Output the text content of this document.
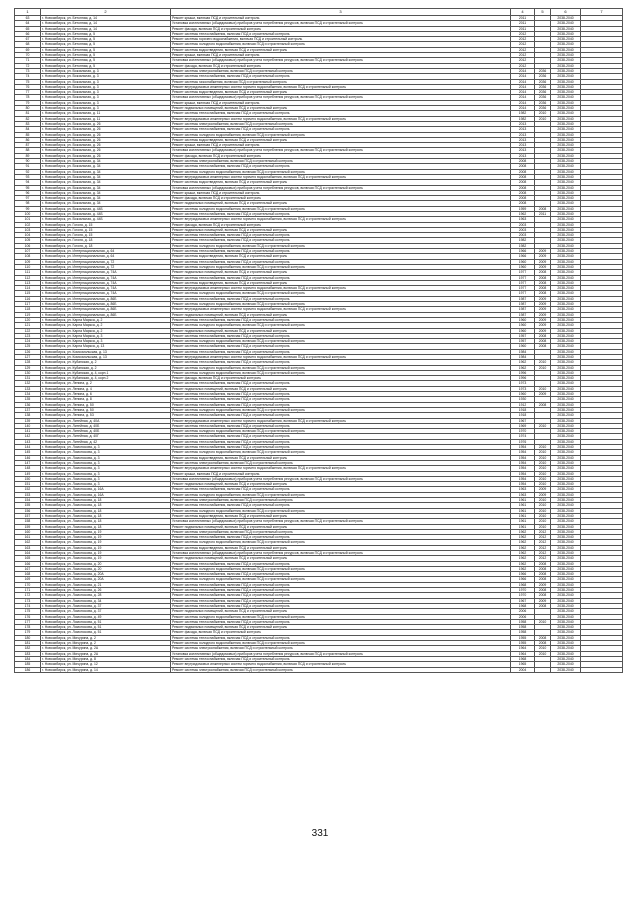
1	2	3	4	5	6	7
63	г. Новосибирск, ул. Бетонная, д. 14	Ремонт крыши, включая ПСД и строительный контроль	2011		2038-2040	
64	г. Новосибирск, ул. Бетонная, д. 14	Установка коллективных (общедомовых) приборов учета потребления ресурсов, включая ПСД и строительный контроль	2011		2038-2040	
65	г. Новосибирск, ул. Бетонная, д. 14	Ремонт фасада, включая ПСД и строительный контроль	2011		2038-2040	
66	г. Новосибирск, ул. Бетонная, д. 5	Ремонт системы теплоснабжения, включая ПСД и строительный контроль	2012		2038-2040	
67	г. Новосибирск, ул. Бетонная, д. 5	Ремонт системы горячего водоснабжения, включая ПСД и строительный контроль	2012		2038-2040	
68	г. Новосибирск, ул. Бетонная, д. 5	Ремонт системы холодного водоснабжения, включая ПСД и строительный контроль	2012		2038-2040	
69	г. Новосибирск, ул. Бетонная, д. 5	Ремонт системы водоотведения, включая ПСД и строительный контроль	2012		2038-2040	
70	г. Новосибирск, ул. Бетонная, д. 5	Ремонт крыши, включая ПСД и строительный контроль	2012		2038-2040	
71	г. Новосибирск, ул. Бетонная, д. 5	Установка коллективных (общедомовых) приборов учета потребления ресурсов, включая ПСД и строительный контроль	2012		2038-2040	
72	г. Новосибирск, ул. Бетонная, д. 5	Ремонт фасада, включая ПСД и строительный контроль	2012		2038-2040	
73	г. Новосибирск, ул. Вокзальная, д. 3	Ремонт системы электроснабжения, включая ПСД и строительный контроль	2014	2036	2038-2040	
74	г. Новосибирск, ул. Вокзальная, д. 3	Ремонт системы теплоснабжения, включая ПСД и строительный контроль	2014	2036	2038-2040	
75	г. Новосибирск, ул. Вокзальная, д. 3	Ремонт системы газоснабжения, включая ПСД и строительный контроль	2014	2036	2038-2040	
76	г. Новосибирск, ул. Вокзальная, д. 3	Ремонт внутридомовых инженерных систем горячего водоснабжения, включая ПСД и строительный контроль	2014	2036	2038-2040	
77	г. Новосибирск, ул. Вокзальная, д. 3	Ремонт системы водоотведения, включая ПСД и строительный контроль	2014	2036	2038-2040	
78	г. Новосибирск, ул. Вокзальная, д. 3	Установка коллективных (общедомовых) приборов учета потребления ресурсов, включая ПСД и строительный контроль	2014	2036	2038-2040	
79	г. Новосибирск, ул. Вокзальная, д. 3	Ремонт крыши, включая ПСД и строительный контроль	2014	2036	2038-2040	
80	г. Новосибирск, ул. Вокзальная, д. 3	Ремонт подвальных помещений, включая ПСД и строительный контроль	2014	2036	2038-2040	
81	г. Новосибирск, ул. Вокзальная, д. 11	Ремонт системы теплоснабжения, включая ПСД и строительный контроль	1982	2010	2038-2040	
82	г. Новосибирск, ул. Вокзальная, д. 11	Ремонт внутридомовых инженерных систем горячего водоснабжения, включая ПСД и строительный контроль	1982	2010	2038-2040	
83	г. Новосибирск, ул. Вокзальная, д. 26	Ремонт системы электроснабжения, включая ПСД и строительный контроль	2013		2038-2040	
84	г. Новосибирск, ул. Вокзальная, д. 26	Ремонт системы теплоснабжения, включая ПСД и строительный контроль	2013		2038-2040	
85	г. Новосибирск, ул. Вокзальная, д. 26	Ремонт системы холодного водоснабжения, включая ПСД и строительный контроль	2013		2038-2040	
86	г. Новосибирск, ул. Вокзальная, д. 26	Ремонт системы водоотведения, включая ПСД и строительный контроль	2013		2038-2040	
87	г. Новосибирск, ул. Вокзальная, д. 26	Ремонт крыши, включая ПСД и строительный контроль	2013		2038-2040	
88	г. Новосибирск, ул. Вокзальная, д. 26	Установка коллективных (общедомовых) приборов учета потребления ресурсов, включая ПСД и строительный контроль	2013		2038-2040	
89	г. Новосибирск, ул. Вокзальная, д. 26	Ремонт фасада, включая ПСД и строительный контроль	2013		2038-2040	
90	г. Новосибирск, ул. Вокзальная, д. 34	Ремонт системы электроснабжения, включая ПСД и строительный контроль	2008		2038-2040	
91	г. Новосибирск, ул. Вокзальная, д. 34	Ремонт системы теплоснабжения, включая ПСД и строительный контроль	2008		2038-2040	
92	г. Новосибирск, ул. Вокзальная, д. 34	Ремонт системы холодного водоснабжения, включая ПСД и строительный контроль	2008		2038-2040	
93	г. Новосибирск, ул. Вокзальная, д. 34	Ремонт внутридомовых инженерных систем горячего водоснабжения, включая ПСД и строительный контроль	2008		2038-2040	
94	г. Новосибирск, ул. Вокзальная, д. 34	Ремонт системы водоотведения, включая ПСД и строительный контроль	2008		2038-2040	
95	г. Новосибирск, ул. Вокзальная, д. 34	Установка коллективных (общедомовых) приборов учета потребления ресурсов, включая ПСД и строительный контроль	2008		2038-2040	
96	г. Новосибирск, ул. Вокзальная, д. 34	Ремонт крыши, включая ПСД и строительный контроль	2008		2038-2040	
97	г. Новосибирск, ул. Вокзальная, д. 34	Ремонт фасада, включая ПСД и строительный контроль	2008		2038-2040	
98	г. Новосибирск, ул. Вокзальная, д. 34	Ремонт подвальных помещений, включая ПСД и строительный контроль	2008		2038-2040	
99	г. Новосибирск, ул. Вокзальная, д. 44Б	Ремонт системы холодного водоснабжения, включая ПСД и строительный контроль	1959	2008	2038-2040	
100	г. Новосибирск, ул. Вокзальная, д. 44Б	Ремонт системы теплоснабжения, включая ПСД и строительный контроль	1962	2011	2038-2040	
101	г. Новосибирск, ул. Вокзальная, д. 44Б	Ремонт внутридомовых инженерных систем горячего водоснабжения, включая ПСД и строительный контроль	1963		2038-2040	
102	г. Новосибирск, ул. Гоголя, д. 15	Ремонт фасада, включая ПСД и строительный контроль	2003		2038-2040	
103	г. Новосибирск, ул. Гоголя, д. 15	Ремонт подвальных помещений, включая ПСД и строительный контроль	2003		2038-2040	
104	г. Новосибирск, ул. Гоголя, д. 15	Ремонт системы теплоснабжения, включая ПСД и строительный контроль	2003		2038-2040	
105	г. Новосибирск, ул. Гоголя, д. 18	Ремонт системы теплоснабжения, включая ПСД и строительный контроль	1982		2038-2040	
106	г. Новосибирск, ул. Гоголя, д. 18	Ремонт системы холодного водоснабжения, включая ПСД и строительный контроль	1982		2038-2040	
107	г. Новосибирск, ул. Интернациональная, д. 64	Ремонт системы теплоснабжения, включая ПСД и строительный контроль	1966	2009	2038-2040	
108	г. Новосибирск, ул. Интернациональная, д. 64	Ремонт системы водоотведения, включая ПСД и строительный контроль	1966	2009	2038-2040	
109	г. Новосибирск, ул. Интернациональная, д. 72	Ремонт системы теплоснабжения, включая ПСД и строительный контроль	1960	2009	2038-2040	
110	г. Новосибирск, ул. Интернациональная, д. 72	Ремонт системы холодного водоснабжения, включая ПСД и строительный контроль	1960	2009	2038-2040	
111	г. Новосибирск, ул. Интернациональная, д. 74А	Ремонт подвальных помещений, включая ПСД и строительный контроль	1977	2008	2038-2040	
112	г. Новосибирск, ул. Интернациональная, д. 74А	Ремонт системы теплоснабжения, включая ПСД и строительный контроль	1977	2008	2038-2040	
113	г. Новосибирск, ул. Интернациональная, д. 74А	Ремонт системы водоотведения, включая ПСД и строительный контроль	1977	2008	2038-2040	
114	г. Новосибирск, ул. Интернациональная, д. 74А	Ремонт внутридомовых инженерных систем горячего водоснабжения, включая ПСД и строительный контроль	1977	2008	2038-2040	
115	г. Новосибирск, ул. Интернациональная, д. 74А	Ремонт системы холодного водоснабжения, включая ПСД и строительный контроль	1977	2008	2038-2040	
116	г. Новосибирск, ул. Интернациональная, д. 86Б	Ремонт системы теплоснабжения, включая ПСД и строительный контроль	1987	2009	2038-2040	
117	г. Новосибирск, ул. Интернациональная, д. 86Б	Ремонт системы холодного водоснабжения, включая ПСД и строительный контроль	1987	2009	2038-2040	
118	г. Новосибирск, ул. Интернациональная, д. 86Б	Ремонт внутридомовых инженерных систем горячего водоснабжения, включая ПСД и строительный контроль	1987	2009	2038-2040	
119	г. Новосибирск, ул. Интернациональная, д. 86Б	Ремонт подвальных помещений, включая ПСД и строительный контроль	1987	2009	2038-2040	
120	г. Новосибирск, ул. Карла Маркса, д. 2	Ремонт системы теплоснабжения, включая ПСД и строительный контроль	1960	2009	2038-2040	
121	г. Новосибирск, ул. Карла Маркса, д. 2	Ремонт системы холодного водоснабжения, включая ПСД и строительный контроль	1960	2009	2038-2040	
122	г. Новосибирск, ул. Карла Маркса, д. 2	Ремонт подвальных помещений, включая ПСД и строительный контроль	1960	2009	2038-2040	
123	г. Новосибирск, ул. Карла Маркса, д. 3	Ремонт системы теплоснабжения, включая ПСД и строительный контроль	1957	2008	2038-2040	
124	г. Новосибирск, ул. Карла Маркса, д. 3	Ремонт системы холодного водоснабжения, включая ПСД и строительный контроль	1957	2008	2038-2040	
125	г. Новосибирск, ул. Карла Маркса, д. 13	Ремонт системы теплоснабжения, включая ПСД и строительный контроль	1960	2008	2038-2040	
126	г. Новосибирск, ул. Комсомольская, д. 13	Ремонт системы теплоснабжения, включая ПСД и строительный контроль	1984		2038-2040	
127	г. Новосибирск, ул. Комсомольская, д. 13	Ремонт внутридомовых инженерных систем горячего водоснабжения, включая ПСД и строительный контроль	1984		2038-2040	
128	г. Новосибирск, ул. Кубанская, д. 2	Ремонт системы теплоснабжения, включая ПСД и строительный контроль	1962	2010	2038-2040	
129	г. Новосибирск, ул. Кубанская, д. 2	Ремонт системы холодного водоснабжения, включая ПСД и строительный контроль	1962	2010	2038-2040	
130	г. Новосибирск, ул. Кубанская, д. 4, корп.1	Ремонт системы холодного водоснабжения, включая ПСД и строительный контроль	1996		2038-2040	
131	г. Новосибирск, ул. Кубанская, д. 4, корп.2	Ремонт фасада, включая ПСД и строительный контроль	1996		2038-2040	
132	г. Новосибирск, ул. Ленина, д. 2	Ремонт системы теплоснабжения, включая ПСД и строительный контроль	1973		2038-2040	
133	г. Новосибирск, ул. Ленина, д. 4	Ремонт подвальных помещений, включая ПСД и строительный контроль	1973	2010	2038-2040	
134	г. Новосибирск, ул. Ленина, д. 6	Ремонт системы теплоснабжения, включая ПСД и строительный контроль	1960	2009	2038-2040	
135	г. Новосибирск, ул. Ленина, д. 8	Ремонт системы теплоснабжения, включая ПСД и строительный контроль	1930		2038-2040	
136	г. Новосибирск, ул. Ленина, д. 50	Ремонт системы теплоснабжения, включая ПСД и строительный контроль	1912	2008	2038-2040	
137	г. Новосибирск, ул. Ленина, д. 50	Ремонт системы холодного водоснабжения, включая ПСД и строительный контроль	1918		2038-2040	
138	г. Новосибирск, ул. Ленина, д. 53	Ремонт системы теплоснабжения, включая ПСД и строительный контроль	1918		2038-2040	
139	г. Новосибирск, ул. Литейная, д. 40А	Ремонт внутридомовых инженерных систем горячего водоснабжения, включая ПСД и строительный контроль	1967		2038-2040	
140	г. Новосибирск, ул. Литейная, д. 40Б	Ремонт системы теплоснабжения, включая ПСД и строительный контроль	1969	2010	2038-2040	
141	г. Новосибирск, ул. Литейная, д. 40Б	Ремонт системы холодного водоснабжения, включая ПСД и строительный контроль	1970		2038-2040	
142	г. Новосибирск, ул. Литейная, д. 40Г	Ремонт системы теплоснабжения, включая ПСД и строительный контроль	1974		2038-2040	
143	г. Новосибирск, ул. Литейная, д. 42	Ремонт системы теплоснабжения, включая ПСД и строительный контроль	1976		2038-2040	
144	г. Новосибирск, ул. Ломоносова, д. 3	Ремонт системы теплоснабжения, включая ПСД и строительный контроль	1954	2010	2038-2040	
145	г. Новосибирск, ул. Ломоносова, д. 3	Ремонт системы холодного водоснабжения, включая ПСД и строительный контроль	1954	2010	2038-2040	
146	г. Новосибирск, ул. Ломоносова, д. 3	Ремонт системы водоотведения, включая ПСД и строительный контроль	1954	2010	2038-2040	
147	г. Новосибирск, ул. Ломоносова, д. 3	Ремонт системы электроснабжения, включая ПСД и строительный контроль	1954	2010	2038-2040	
148	г. Новосибирск, ул. Ломоносова, д. 3	Ремонт внутридомовых инженерных систем горячего водоснабжения, включая ПСД и строительный контроль	1954	2010	2038-2040	
149	г. Новосибирск, ул. Ломоносова, д. 3	Ремонт крыши, включая ПСД и строительный контроль	1954	2010	2038-2040	
150	г. Новосибирск, ул. Ломоносова, д. 3	Установка коллективных (общедомовых) приборов учета потребления ресурсов, включая ПСД и строительный контроль	1954	2010	2038-2040	
151	г. Новосибирск, ул. Ломоносова, д. 3	Ремонт подвальных помещений, включая ПСД и строительный контроль	1954	2010	2038-2040	
152	г. Новосибирск, ул. Ломоносова, д. 16А	Ремонт системы теплоснабжения, включая ПСД и строительный контроль	1963	2009	2038-2040	
153	г. Новосибирск, ул. Ломоносова, д. 16А	Ремонт системы холодного водоснабжения, включая ПСД и строительный контроль	1963	2009	2038-2040	
154	г. Новосибирск, ул. Ломоносова, д. 18	Ремонт системы электроснабжения, включая ПСД и строительный контроль	1961	2010	2038-2040	
155	г. Новосибирск, ул. Ломоносова, д. 18	Ремонт системы теплоснабжения, включая ПСД и строительный контроль	1961	2010	2038-2040	
156	г. Новосибирск, ул. Ломоносова, д. 18	Ремонт системы холодного водоснабжения, включая ПСД и строительный контроль	1961	2010	2038-2040	
157	г. Новосибирск, ул. Ломоносова, д. 18	Ремонт системы водоотведения, включая ПСД и строительный контроль	1961	2010	2038-2040	
158	г. Новосибирск, ул. Ломоносова, д. 18	Установка коллективных (общедомовых) приборов учета потребления ресурсов, включая ПСД и строительный контроль	1961	2010	2038-2040	
159	г. Новосибирск, ул. Ломоносова, д. 18	Ремонт подвальных помещений, включая ПСД и строительный контроль	1961	2010	2038-2040	
160	г. Новосибирск, ул. Ломоносова, д. 19	Ремонт системы электроснабжения, включая ПСД и строительный контроль	1962	2012	2038-2040	
161	г. Новосибирск, ул. Ломоносова, д. 19	Ремонт системы теплоснабжения, включая ПСД и строительный контроль	1962	2012	2038-2040	
162	г. Новосибирск, ул. Ломоносова, д. 19	Ремонт системы холодного водоснабжения, включая ПСД и строительный контроль	1962	2012	2038-2040	
163	г. Новосибирск, ул. Ломоносова, д. 19	Ремонт системы водоотведения, включая ПСД и строительный контроль	1962	2012	2038-2040	
164	г. Новосибирск, ул. Ломоносова, д. 19	Установка коллективных (общедомовых) приборов учета потребления ресурсов, включая ПСД и строительный контроль	1962	2012	2038-2040	
165	г. Новосибирск, ул. Ломоносова, д. 19	Ремонт подвальных помещений, включая ПСД и строительный контроль	1962	2012	2038-2040	
166	г. Новосибирск, ул. Ломоносова, д. 20	Ремонт системы теплоснабжения, включая ПСД и строительный контроль	1962	2008	2038-2040	
167	г. Новосибирск, ул. Ломоносова, д. 20	Ремонт системы холодного водоснабжения, включая ПСД и строительный контроль	1962	2008	2038-2040	
168	г. Новосибирск, ул. Ломоносова, д. 20А	Ремонт системы теплоснабжения, включая ПСД и строительный контроль	1966	2008	2038-2040	
169	г. Новосибирск, ул. Ломоносова, д. 20А	Ремонт системы холодного водоснабжения, включая ПСД и строительный контроль	1966	2008	2038-2040	
170	г. Новосибирск, ул. Ломоносова, д. 21	Ремонт системы теплоснабжения, включая ПСД и строительный контроль	1968	2009	2038-2040	
171	г. Новосибирск, ул. Ломоносова, д. 26	Ремонт системы теплоснабжения, включая ПСД и строительный контроль	1970	2008	2038-2040	
172	г. Новосибирск, ул. Ломоносова, д. 28	Ремонт системы теплоснабжения, включая ПСД и строительный контроль	1970	2008	2038-2040	
173	г. Новосибирск, ул. Ломоносова, д. 34	Ремонт системы теплоснабжения, включая ПСД и строительный контроль	1967	2009	2038-2040	
174	г. Новосибирск, ул. Ломоносова, д. 37	Ремонт системы теплоснабжения, включая ПСД и строительный контроль	1968	2008	2038-2040	
175	г. Новосибирск, ул. Ломоносова, д. 37	Ремонт подвальных помещений, включая ПСД и строительный контроль	2006		2038-2040	
176	г. Новосибирск, ул. Ломоносова, д. 49	Ремонт системы холодного водоснабжения, включая ПСД и строительный контроль	2006		2038-2040	
177	г. Новосибирск, ул. Ломоносова, д. 51	Ремонт системы теплоснабжения, включая ПСД и строительный контроль	1958	2010	2038-2040	
178	г. Новосибирск, ул. Ломоносова, д. 51	Ремонт подвальных помещений, включая ПСД и строительный контроль	1958		2038-2040	
179	г. Новосибирск, ул. Ломоносова, д. 51	Ремонт фасада, включая ПСД и строительный контроль	1958		2038-2040	
180	г. Новосибирск, ул. Мичурина, д. 2	Ремонт системы теплоснабжения, включая ПСД и строительный контроль	1955	2008	2038-2040	
181	г. Новосибирск, ул. Мичурина, д. 2	Ремонт системы холодного водоснабжения, включая ПСД и строительный контроль	1955	2008	2038-2040	
182	г. Новосибирск, ул. Мичурина, д. 2А	Ремонт системы электроснабжения, включая ПСД и строительный контроль	1964	2010	2038-2040	
183	г. Новосибирск, ул. Мичурина, д. 2А	Установка коллективных (общедомовых) приборов учета потребления ресурсов, включая ПСД и строительный контроль	1964	2010	2038-2040	
184	г. Новосибирск, ул. Мичурина, д. 8	Ремонт системы теплоснабжения, включая ПСД и строительный контроль	1968		2038-2040	
185	г. Новосибирск, ул. Мичурина, д. 12	Ремонт внутридомовых инженерных систем горячего водоснабжения, включая ПСД и строительный контроль	1965		2038-2040	
186	г. Новосибирск, ул. Мичурина, д. 14	Ремонт системы электроснабжения, включая ПСД и строительный контроль	2004		2038-2040	
331
